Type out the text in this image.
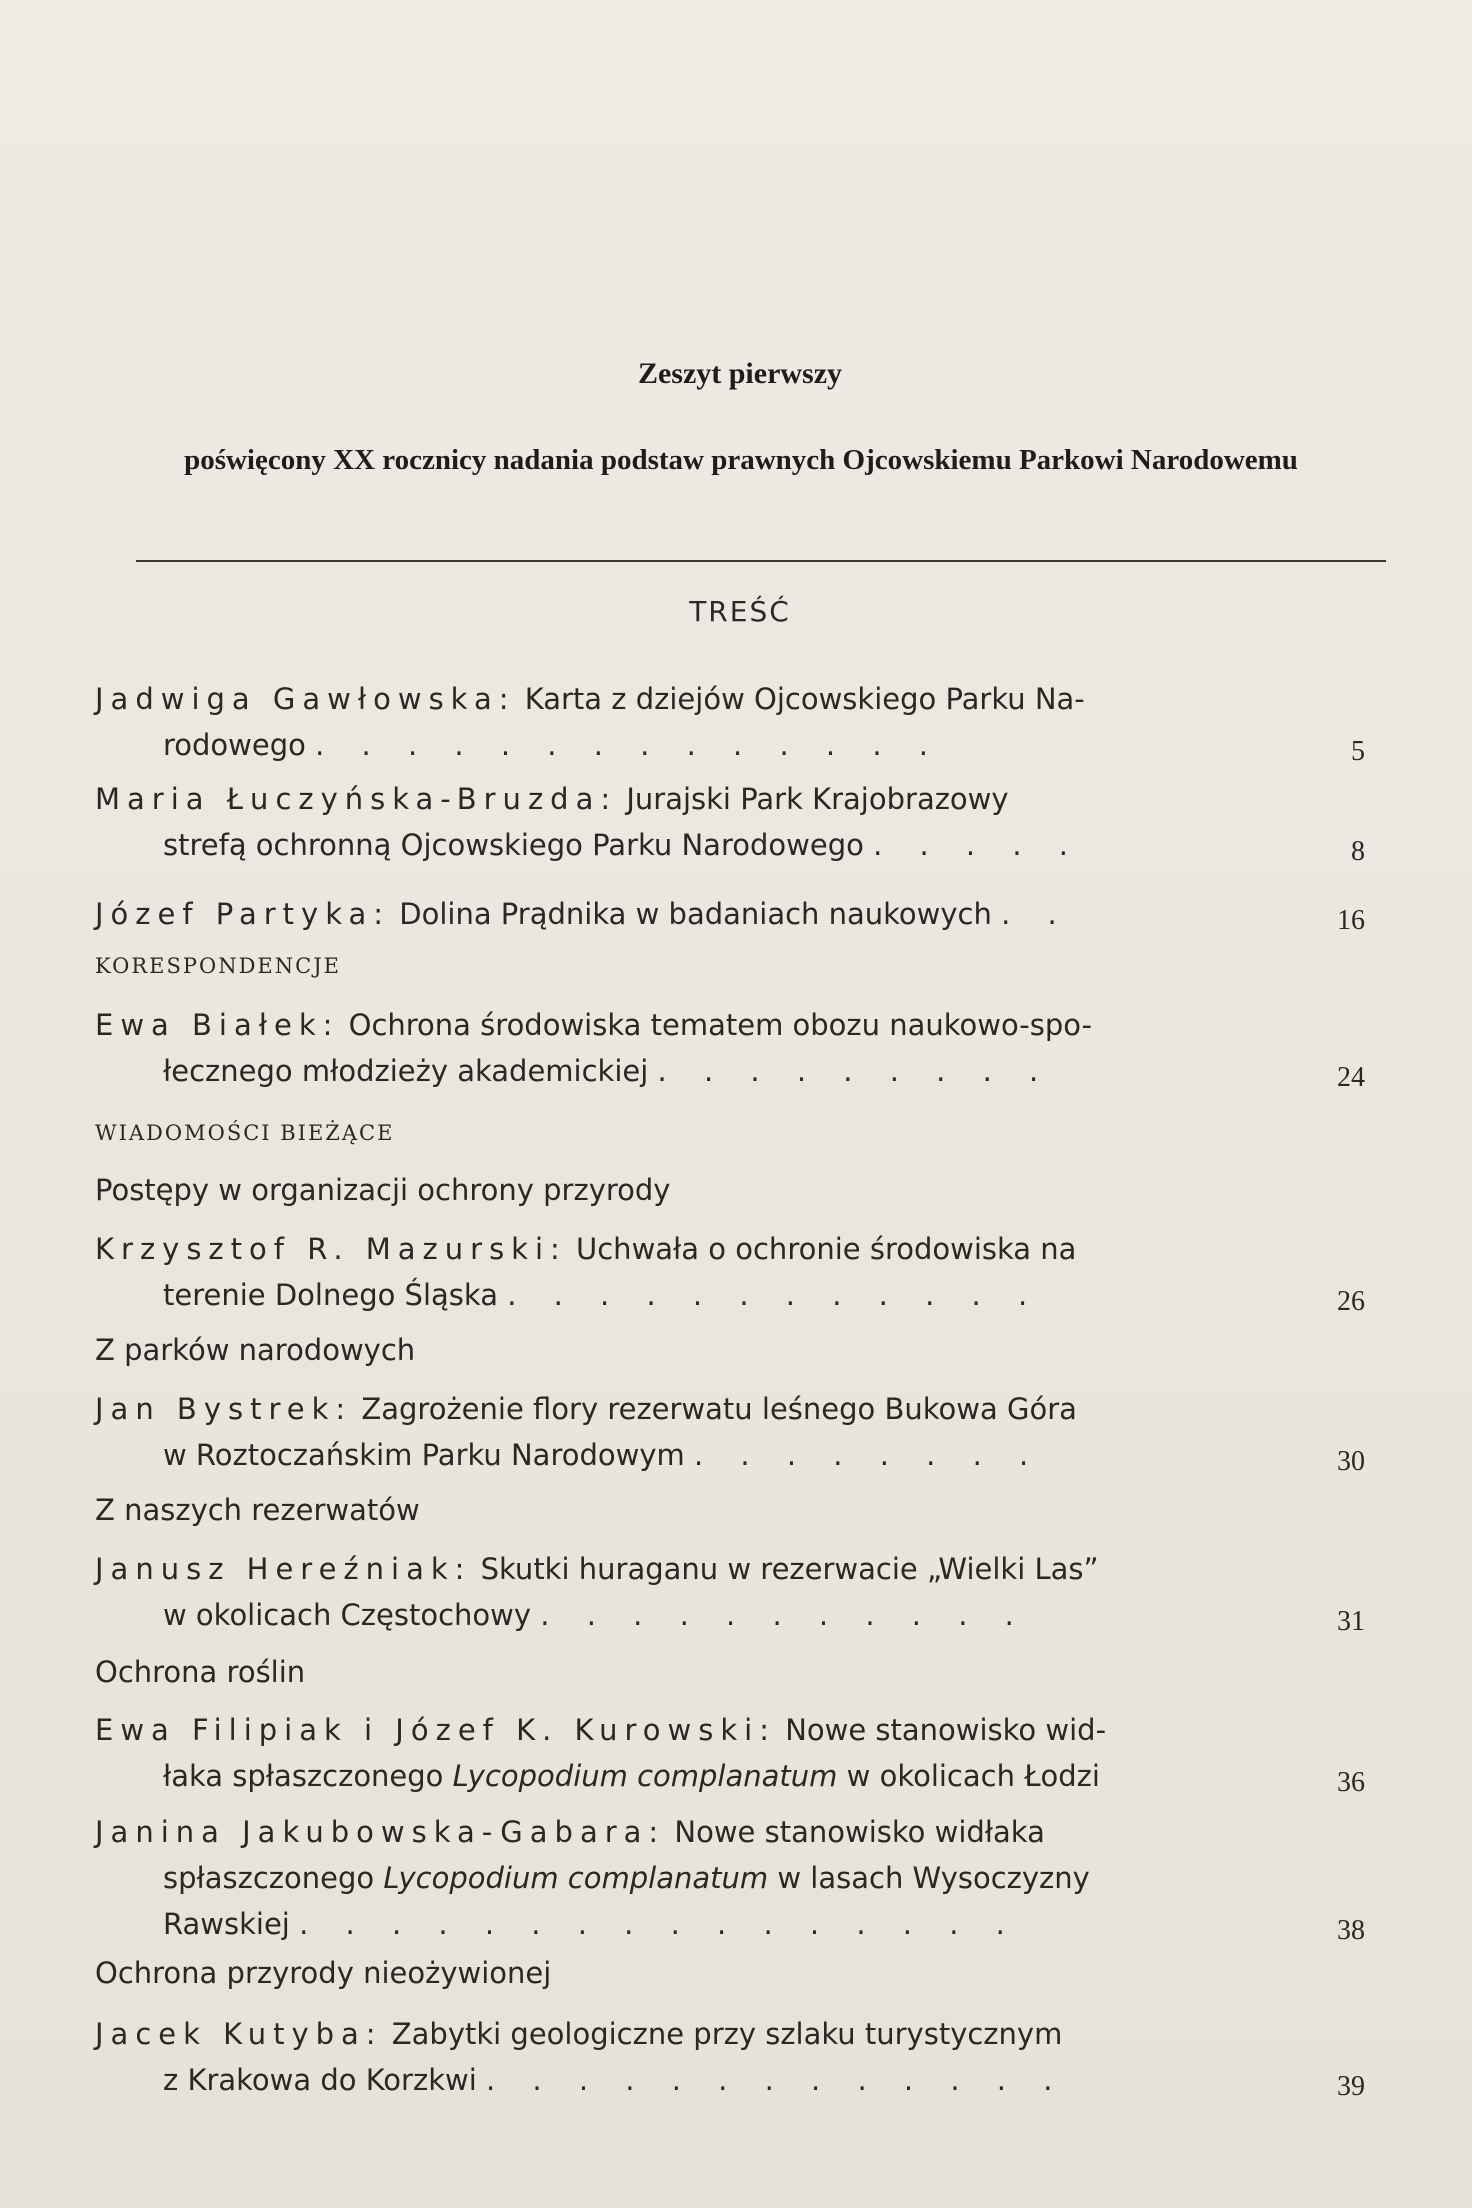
Zeszyt pierwszy
poświęcony XX rocznicy nadania podstaw prawnych Ojcowskiemu Parkowi Narodowemu
TREŚĆ
Jadwiga Gawłowska: Karta z dziejów Ojcowskiego Parku Na-
rodowego . . . . . . . . . . . . . .	5
Maria Łuczyńska-Bruzda: Jurajski Park Krajobrazowy
strefą ochronną Ojcowskiego Parku Narodowego . . . . .	8
Józef Partyka: Dolina Prądnika w badaniach naukowych . .	16
KORESPONDENCJE
Ewa Białek: Ochrona środowiska tematem obozu naukowo-spo-
łecznego młodzieży akademickiej . . . . . . . . .	24
WIADOMOŚCI BIEŻĄCE
Postępy w organizacji ochrony przyrody
Krzysztof R. Mazurski: Uchwała o ochronie środowiska na
terenie Dolnego Śląska . . . . . . . . . . . .	26
Z parków narodowych
Jan Bystrek: Zagrożenie flory rezerwatu leśnego Bukowa Góra
w Roztoczańskim Parku Narodowym . . . . . . . .	30
Z naszych rezerwatów
Janusz Hereźniak: Skutki huraganu w rezerwacie „Wielki Las”
w okolicach Częstochowy . . . . . . . . . . .	31
Ochrona roślin
Ewa Filipiak i Józef K. Kurowski: Nowe stanowisko wid-
łaka spłaszczonego Lycopodium complanatum w okolicach Łodzi	36
Janina Jakubowska-Gabara: Nowe stanowisko widłaka
spłaszczonego Lycopodium complanatum w lasach Wysoczyzny
Rawskiej . . . . . . . . . . . . . . . .	38
Ochrona przyrody nieożywionej
Jacek Kutyba: Zabytki geologiczne przy szlaku turystycznym
z Krakowa do Korzkwi . . . . . . . . . . . . .	39
